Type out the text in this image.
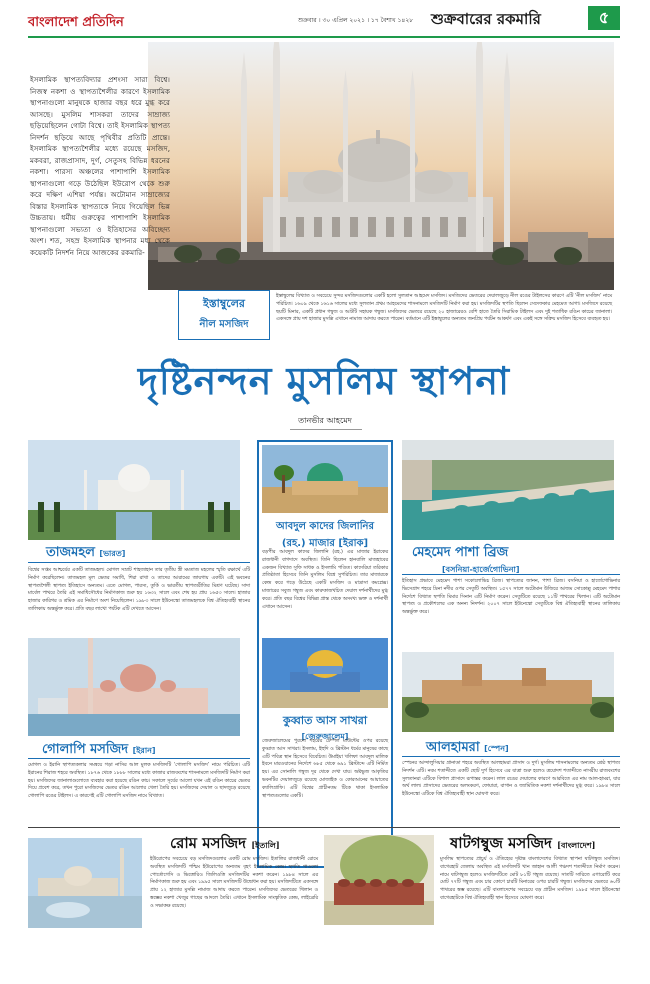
বাংলাদেশ প্রতিদিন	শুক্রবার । ৩০ এপ্রিল ২০২১ । ১৭ বৈশাখ ১৪২৮ শুক্রবারের রকমারি	৫
ইসলামিক স্থাপত্যবিদ্যার প্রশংসা সারা বিশ্বে। নিজস্ব নকশা ও স্থাপত্যশৈলীর কারণে ইসলামিক স্থাপনাগুলো মানুষকে হাজার বছর ধরে মুগ্ধ করে আসছে। মুসলিম শাসকরা তাদের সাম্রাজ্য ছড়িয়েছিলেন গোটা বিশ্বে। তাই ইসলামিক স্থাপত্য নিদর্শন ছড়িয়ে আছে পৃথিবীর প্রতিটি প্রান্তে। ইসলামিক স্থাপত্যশৈলীর মধ্যে রয়েছে মসজিদ, মকবরা, রাজপ্রাসাদ, দুর্গ, সেতুসহ বিভিন্ন ধরনের নকশা। পারস্য অঞ্চলের পাশাপাশি ইসলামিক স্থাপনাগুলো গড়ে উঠেছিল ইউরোপ থেকে শুরু করে দক্ষিণ এশিয়া পর্যন্ত। অটোমান সাম্রাজ্যের বিস্তার ইসলামিক স্থাপত্যকে নিয়ে গিয়েছিল ভিন্ন উচ্চতায়। ধর্মীয় গুরুত্বের পাশাপাশি ইসলামিক স্থাপনাগুলো সভ্যতা ও ইতিহাসের অবিচ্ছেদ্য অংশ। শত, সহস্র ইসলামিক স্থাপনার মধ্য থেকে কয়েকটি নিদর্শন নিয়ে আজকের রকমারি-
ইস্তাম্বুলের
নীল মসজিদ
ইস্তাম্বুলের বিখ্যাত ও সবচেয়ে সুন্দর মসজিদগুলোর একটি হলো সুলতান আহমেদ মসজিদ। মসজিদের ভেতরের দেয়ালজুড়ে নীল রঙের টাইলসের কারণে এটি ‘নীল মসজিদ’ নামে পরিচিত। ১৬০৯ থেকে ১৬১৬ সালের মধ্যে সুলতান প্রথম আহমেদের শাসনামলে মসজিদটি নির্মাণ করা হয়। মসজিদটির স্থপতি ছিলেন সেদেফকার মেহমেত আগা। মসজিদে রয়েছে ছয়টি মিনার, একটি প্রধান গম্বুজ ও আটটি সহায়ক গম্বুজ। মসজিদের ভেতরে রয়েছে ২০ হাজারেরও বেশি হাতে তৈরি সিরামিক টাইলস এবং দুই শতাধিক রঙিন কাচের জানালা। একসঙ্গে প্রায় দশ হাজার মুসল্লি এখানে নামাজ আদায় করতে পারেন। বর্তমানে এটি ইস্তাম্বুলের অন্যতম জনপ্রিয় পর্যটন আকর্ষণ এবং একই সঙ্গে সক্রিয় মসজিদ হিসেবে ব্যবহৃত হয়।
দৃষ্টিনন্দন মুসলিম স্থাপনা
তানভীর আহমেদ
তাজমহল [ভারত]
বিশ্বের সপ্তম আশ্চর্যের একটি তাজমহল। মোগল সম্রাট শাহজাহান তার তৃতীয় স্ত্রী মমতাজ মহলের স্মৃতি রক্ষার্থে এটি নির্মাণ করেছিলেন। তাজমহল মূল ভেতর সমাধি, শিরা রাখা ও তাদের আরামের জায়গায় একটি। এই ভবনের স্থাপত্যশৈলী স্থাপত্য ইতিহাসে অন্যতম। এতে মোগল, পারস্য, তুর্কি ও ভারতীয় স্থাপত্যরীতির মিশ্রণ ঘটেছে। সাদা মার্বেল পাথরে তৈরি এই সমাধিসৌধের নির্মাণকাজ শুরু হয় ১৬৩২ সালে এবং শেষ হয় প্রায় ১৬৫৩ সালে। হাজার হাজার কারিগর ও শ্রমিক এর নির্মাণে অংশ নিয়েছিলেন। ১৯৮৩ সালে ইউনেস্কো তাজমহলকে বিশ্ব ঐতিহ্যবাহী স্থানের তালিকায় অন্তর্ভুক্ত করে। প্রতি বছর লাখো পর্যটক এটি দেখতে আসেন।
আবদুল কাদের জিলানির
(রহ.) মাজার [ইরাক]
বড়পীর আবদুল কাদের জিলানি (রহ.) এর মাজার ইরাকের রাজধানী বাগদাদে অবস্থিত। তিনি ছিলেন হানবালি মাজহাবের একজন বিখ্যাত সুফি সাধক ও ইসলামি পণ্ডিত। কাদেরিয়া তরিকার প্রতিষ্ঠাতা হিসেবে তিনি মুসলিম বিশ্বে সুপরিচিত। তার মাজারকে কেন্দ্র করে গড়ে উঠেছে একটি মসজিদ ও মাদ্রাসা কমপ্লেক্স। মাজারের সবুজ গম্বুজ এবং কারুকাজখচিত দেয়াল দর্শনার্থীদের মুগ্ধ করে। প্রতি বছর বিশ্বের বিভিন্ন প্রান্ত থেকে অসংখ্য ভক্ত ও দর্শনার্থী এখানে আসেন।
মেহমেদ পাশা ব্রিজ
[বসনিয়া-হার্জেগোভিনা]
ইতিহাস প্রভাবে মেহমেদ পাশা সকোলোভিচ ব্রিজ। স্থাপত্যের জানন, পাশা ব্রিজ। বসনিয়া ও হার্জেগোভিনার ভিসেগ্রাদ শহরে দ্রিনা নদীর ওপর সেতুটি অবস্থিত। ১৫৭৭ সালে অটোমান উজিরে আজম সোকোল্লু মেহমেদ পাশার নির্দেশে বিখ্যাত স্থপতি মিমার সিনান এটি নির্মাণ করেন। সেতুটিতে রয়েছে ১১টি পাথরের খিলান। এটি অটোমান স্থাপত্য ও প্রকৌশলের এক অনন্য নিদর্শন। ২০০৭ সালে ইউনেস্কো সেতুটিকে বিশ্ব ঐতিহ্যবাহী স্থানের তালিকায় অন্তর্ভুক্ত করে।
গোলাপি মসজিদ [ইরান]
মোগল ও ইরানি স্থাপত্যকলার সমন্বয়ে গড়া নাসির আল মুলক মসজিদটি ‘গোলাপি মসজিদ’ নামে পরিচিত। এটি ইরানের শিরাজ শহরে অবস্থিত। ১৮৭৬ থেকে ১৮৮৮ সালের মধ্যে কাজার রাজবংশের শাসনামলে মসজিদটি নির্মাণ করা হয়। মসজিদের জানালাগুলোতে ব্যবহার করা হয়েছে রঙিন কাচ। সকালে সূর্যের আলো যখন এই রঙিন কাচের ভেতর দিয়ে প্রবেশ করে, তখন পুরো মসজিদের ভেতর রঙিন আলোর খেলা তৈরি হয়। মসজিদের দেয়াল ও ছাদজুড়ে রয়েছে গোলাপি রঙের টাইলস। এ কারণেই এটি গোলাপি মসজিদ নামে বিখ্যাত।
কুব্বাত আস সাখরা
[জেরুজালেম]
জেরুজালেমের পুরনো শহরের টেম্পল মাউন্টের ওপর রয়েছে কুব্বাত আস সাখরা। ইসলাম, ইহুদি ও খ্রিস্টান ধর্মের মানুষের কাছে এটি পবিত্র স্থান হিসেবে বিবেচিত। উমাইয়া খলিফা আবদুল মালিক ইবনে মারওয়ানের নির্দেশে ৬৮৫ থেকে ৬৯১ খ্রিস্টাব্দে এটি নির্মিত হয়। এর সোনালি গম্বুজ দূর থেকে দেখা যায়। অষ্টভুজ আকৃতির ভবনটির দেয়ালজুড়ে রয়েছে মোজাইক ও কোরআনের আয়াতের ক্যালিগ্রাফি। এটি বিশ্বের প্রাচীনতম টিকে থাকা ইসলামিক স্থাপত্যগুলোর একটি।
আলহামরা [স্পেন]
স্পেনের আন্দালুসিয়ার গ্রানাডা শহরে অবস্থিত আলহামরা প্রাসাদ ও দুর্গ। মুসলিম শাসনামলের অন্যতম শ্রেষ্ঠ স্থাপত্য নিদর্শন এটি। নবম শতাব্দীতে একটি ছোট দুর্গ হিসেবে এর যাত্রা শুরু হলেও ত্রয়োদশ শতাব্দীতে নাসরীয় রাজবংশের সুলতানরা এটিকে বিশাল প্রাসাদে রূপান্তর করেন। লাল রঙের দেয়ালের কারণে আরবিতে এর নাম আল-হামরা, যার অর্থ লাল। প্রাসাদের ভেতরের অলংকরণ, ফোয়ারা, বাগান ও জ্যামিতিক নকশা দর্শনার্থীদের মুগ্ধ করে। ১৯৮৪ সালে ইউনেস্কো এটিকে বিশ্ব ঐতিহ্যবাহী স্থান ঘোষণা করে।
রোম মসজিদ [ইতালি]
ইউরোপের সবচেয়ে বড় মসজিদগুলোর একটি রোম মসজিদ। ইতালির রাজধানী রোমে অবস্থিত মসজিদটি পশ্চিম ইউরোপের অন্যতম বৃহৎ ইসলামিক কেন্দ্র। স্থপতি পাওলো পোর্তোগেসি ও ভিত্তোরিও জিলিওত্তি মসজিদটির নকশা করেন। ১৯৮৪ সালে এর নির্মাণকাজ শুরু হয় এবং ১৯৯৫ সালে মসজিদটি উদ্বোধন করা হয়। মসজিদটিতে একসঙ্গে প্রায় ১২ হাজার মুসল্লি নামাজ আদায় করতে পারেন। মসজিদের ভেতরের খিলান ও স্তম্ভের নকশা খেজুর গাছের আদলে তৈরি। এখানে ইসলামিক সাংস্কৃতিক কেন্দ্র, লাইব্রেরি ও সভাকক্ষ রয়েছে।
ষাটগম্বুজ মসজিদ [বাংলাদেশ]
মুসলিম স্থাপত্যের প্রাচুর্য ও ঐতিহ্যের দৃষ্টান্ত বাংলাদেশের বিখ্যাত স্থাপনা ষাটগম্বুজ মসজিদ। বাগেরহাট জেলায় অবস্থিত এই মসজিদটি খান জাহান আলী পঞ্চদশ শতাব্দীতে নির্মাণ করেন। নামে ষাটগম্বুজ হলেও মসজিদটিতে মোট ৮১টি গম্বুজ রয়েছে। সাতটি সারিতে এগারোটি করে মোট ৭৭টি গম্বুজ এবং চার কোণে চারটি মিনারের ওপর চারটি গম্বুজ। মসজিদের ভেতরে ৬০টি পাথরের স্তম্ভ রয়েছে। এটি বাংলাদেশের সবচেয়ে বড় প্রাচীন মসজিদ। ১৯৮৫ সালে ইউনেস্কো বাগেরহাটকে বিশ্ব ঐতিহ্যবাহী স্থান হিসেবে ঘোষণা করে।
